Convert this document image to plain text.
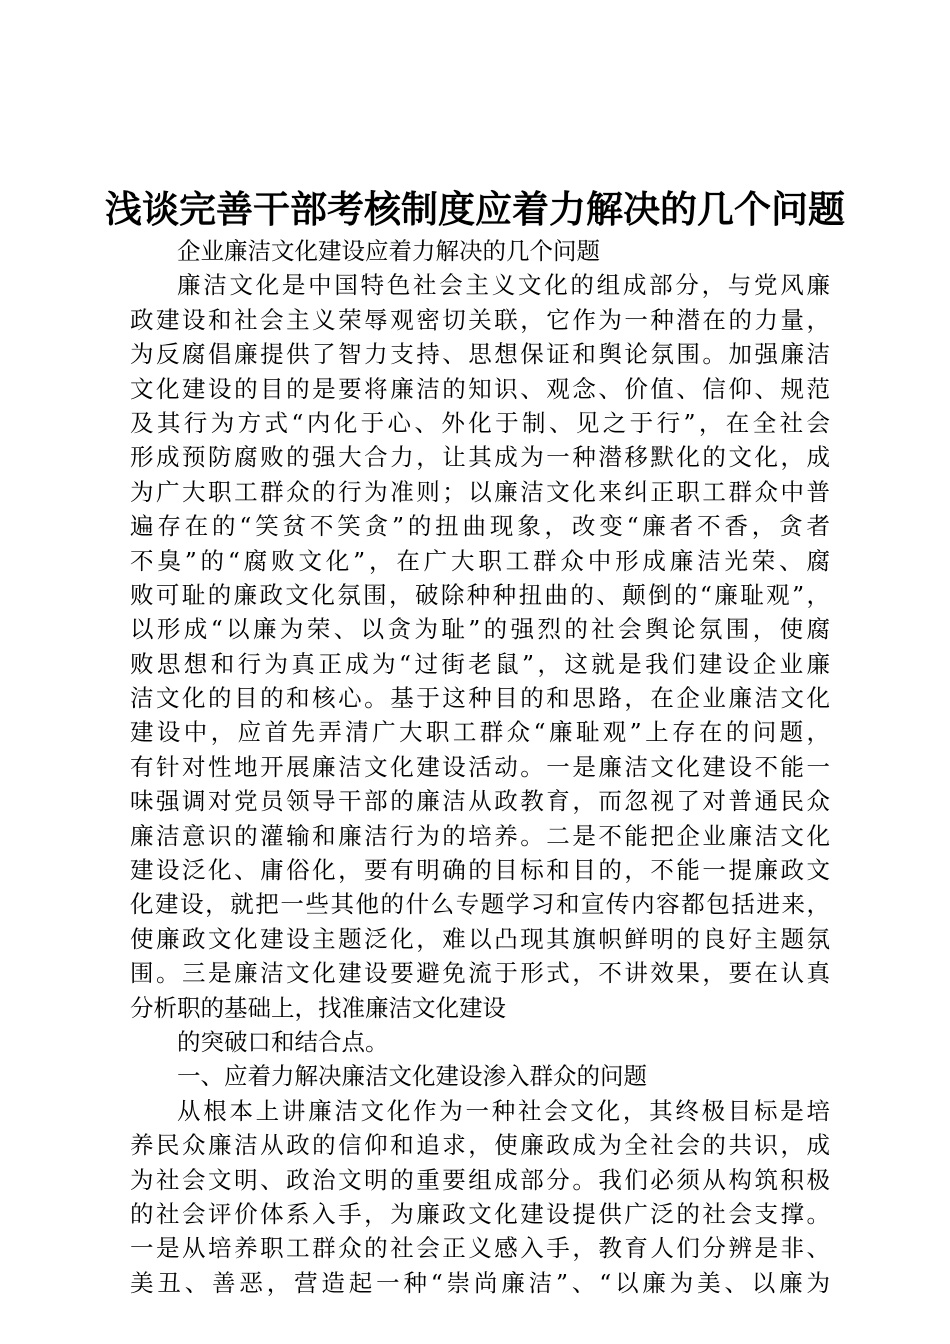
浅谈完善干部考核制度应着力解决的几个问题
企业廉洁文化建设应着力解决的几个问题
廉洁文化是中国特色社会主义文化的组成部分，与党风廉
政建设和社会主义荣辱观密切关联，它作为一种潜在的力量，
为反腐倡廉提供了智力支持、思想保证和舆论氛围。加强廉洁
文化建设的目的是要将廉洁的知识、观念、价值、信仰、规范
及其行为方式“内化于心、外化于制、见之于行”，在全社会
形成预防腐败的强大合力，让其成为一种潜移默化的文化，成
为广大职工群众的行为准则；以廉洁文化来纠正职工群众中普
遍存在的“笑贫不笑贪”的扭曲现象，改变“廉者不香，贪者
不臭”的“腐败文化”，在广大职工群众中形成廉洁光荣、腐
败可耻的廉政文化氛围，破除种种扭曲的、颠倒的“廉耻观”，
以形成“以廉为荣、以贪为耻”的强烈的社会舆论氛围，使腐
败思想和行为真正成为“过街老鼠”，这就是我们建设企业廉
洁文化的目的和核心。基于这种目的和思路，在企业廉洁文化
建设中，应首先弄清广大职工群众“廉耻观”上存在的问题，
有针对性地开展廉洁文化建设活动。一是廉洁文化建设不能一
味强调对党员领导干部的廉洁从政教育，而忽视了对普通民众
廉洁意识的灌输和廉洁行为的培养。二是不能把企业廉洁文化
建设泛化、庸俗化，要有明确的目标和目的，不能一提廉政文
化建设，就把一些其他的什么专题学习和宣传内容都包括进来，
使廉政文化建设主题泛化，难以凸现其旗帜鲜明的良好主题氛
围。三是廉洁文化建设要避免流于形式，不讲效果，要在认真
分析职的基础上，找准廉洁文化建设
的突破口和结合点。
一、应着力解决廉洁文化建设渗入群众的问题
从根本上讲廉洁文化作为一种社会文化，其终极目标是培
养民众廉洁从政的信仰和追求，使廉政成为全社会的共识，成
为社会文明、政治文明的重要组成部分。我们必须从构筑积极
的社会评价体系入手，为廉政文化建设提供广泛的社会支撑。
一是从培养职工群众的社会正义感入手，教育人们分辨是非、
美丑、善恶，营造起一种“崇尚廉洁”、“以廉为美、以廉为
